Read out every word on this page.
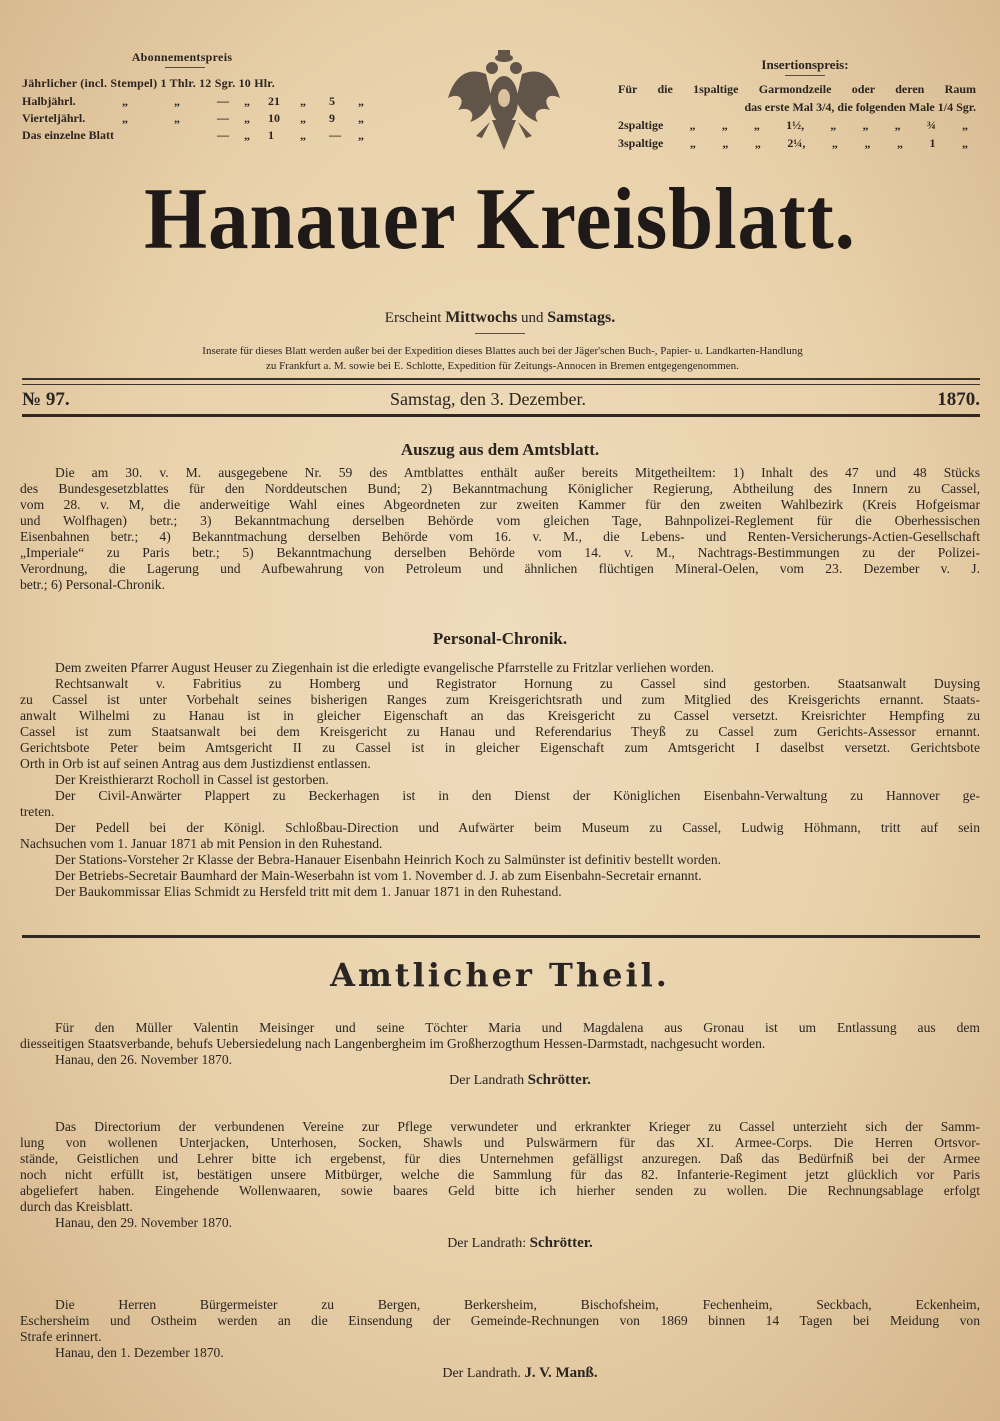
Abonnementspreis
Jährlicher (incl. Stempel) 1 Thlr. 12 Sgr. 10 Hlr.
Halbjährl.	„	„	— „ 21 „ 5 „
Vierteljährl.	„	„	— „ 10 „ 9 „
Das einzelne Blatt	— „ 1 „ — „
Insertionspreis:
Für die 1spaltige Garmondzeile oder deren Raum
das erste Mal 3/4, die folgenden Male 1/4 Sgr.
2spaltige „ „ „ 1½, „ „ „ ¾ „
3spaltige „ „ „ 2¼, „ „ „ 1 „
Hanauer Kreisblatt.
Erscheint Mittwochs und Samstags.
Inserate für dieses Blatt werden außer bei der Expedition dieses Blattes auch bei der Jäger'schen Buch-, Papier- u. Landkarten-Handlung
zu Frankfurt a. M. sowie bei E. Schlotte, Expedition für Zeitungs-Annocen in Bremen entgegengenommen.
№ 97.	Samstag, den 3. Dezember.	1870.
Auszug aus dem Amtsblatt.
Die am 30. v. M. ausgegebene Nr. 59 des Amtblattes enthält außer bereits Mitgetheiltem: 1) Inhalt des 47 und 48 Stücks
des Bundesgesetzblattes für den Norddeutschen Bund; 2) Bekanntmachung Königlicher Regierung, Abtheilung des Innern zu Cassel,
vom 28. v. M, die anderweitige Wahl eines Abgeordneten zur zweiten Kammer für den zweiten Wahlbezirk (Kreis Hofgeismar
und Wolfhagen) betr.; 3) Bekanntmachung derselben Behörde vom gleichen Tage, Bahnpolizei-Reglement für die Oberhessischen
Eisenbahnen betr.; 4) Bekanntmachung derselben Behörde vom 16. v. M., die Lebens- und Renten-Versicherungs-Actien-Gesellschaft
„Imperiale“ zu Paris betr.; 5) Bekanntmachung derselben Behörde vom 14. v. M., Nachtrags-Bestimmungen zu der Polizei-
Verordnung, die Lagerung und Aufbewahrung von Petroleum und ähnlichen flüchtigen Mineral-Oelen, vom 23. Dezember v. J.
betr.; 6) Personal-Chronik.
Personal-Chronik.
Dem zweiten Pfarrer August Heuser zu Ziegenhain ist die erledigte evangelische Pfarrstelle zu Fritzlar verliehen worden.
Rechtsanwalt v. Fabritius zu Homberg und Registrator Hornung zu Cassel sind gestorben. Staatsanwalt Duysing
zu Cassel ist unter Vorbehalt seines bisherigen Ranges zum Kreisgerichtsrath und zum Mitglied des Kreisgerichts ernannt. Staats-
anwalt Wilhelmi zu Hanau ist in gleicher Eigenschaft an das Kreisgericht zu Cassel versetzt. Kreisrichter Hempfing zu
Cassel ist zum Staatsanwalt bei dem Kreisgericht zu Hanau und Referendarius Theyß zu Cassel zum Gerichts-Assessor ernannt.
Gerichtsbote Peter beim Amtsgericht II zu Cassel ist in gleicher Eigenschaft zum Amtsgericht I daselbst versetzt. Gerichtsbote
Orth in Orb ist auf seinen Antrag aus dem Justizdienst entlassen.
Der Kreisthierarzt Rocholl in Cassel ist gestorben.
Der Civil-Anwärter Plappert zu Beckerhagen ist in den Dienst der Königlichen Eisenbahn-Verwaltung zu Hannover ge-
treten.
Der Pedell bei der Königl. Schloßbau-Direction und Aufwärter beim Museum zu Cassel, Ludwig Höhmann, tritt auf sein
Nachsuchen vom 1. Januar 1871 ab mit Pension in den Ruhestand.
Der Stations-Vorsteher 2r Klasse der Bebra-Hanauer Eisenbahn Heinrich Koch zu Salmünster ist definitiv bestellt worden.
Der Betriebs-Secretair Baumhard der Main-Weserbahn ist vom 1. November d. J. ab zum Eisenbahn-Secretair ernannt.
Der Baukommissar Elias Schmidt zu Hersfeld tritt mit dem 1. Januar 1871 in den Ruhestand.
Amtlicher Theil.
Für den Müller Valentin Meisinger und seine Töchter Maria und Magdalena aus Gronau ist um Entlassung aus dem
diesseitigen Staatsverbande, behufs Uebersiedelung nach Langenbergheim im Großherzogthum Hessen-Darmstadt, nachgesucht worden.
Hanau, den 26. November 1870.
Der Landrath Schrötter.
Das Directorium der verbundenen Vereine zur Pflege verwundeter und erkrankter Krieger zu Cassel unterzieht sich der Samm-
lung von wollenen Unterjacken, Unterhosen, Socken, Shawls und Pulswärmern für das XI. Armee-Corps. Die Herren Ortsvor-
stände, Geistlichen und Lehrer bitte ich ergebenst, für dies Unternehmen gefälligst anzuregen. Daß das Bedürfniß bei der Armee
noch nicht erfüllt ist, bestätigen unsere Mitbürger, welche die Sammlung für das 82. Infanterie-Regiment jetzt glücklich vor Paris
abgeliefert haben. Eingehende Wollenwaaren, sowie baares Geld bitte ich hierher senden zu wollen. Die Rechnungsablage erfolgt
durch das Kreisblatt.
Hanau, den 29. November 1870.
Der Landrath: Schrötter.
Die Herren Bürgermeister zu Bergen, Berkersheim, Bischofsheim, Fechenheim, Seckbach, Eckenheim,
Eschersheim und Ostheim werden an die Einsendung der Gemeinde-Rechnungen von 1869 binnen 14 Tagen bei Meidung von
Strafe erinnert.
Hanau, den 1. Dezember 1870.
Der Landrath. J. V. Manß.
